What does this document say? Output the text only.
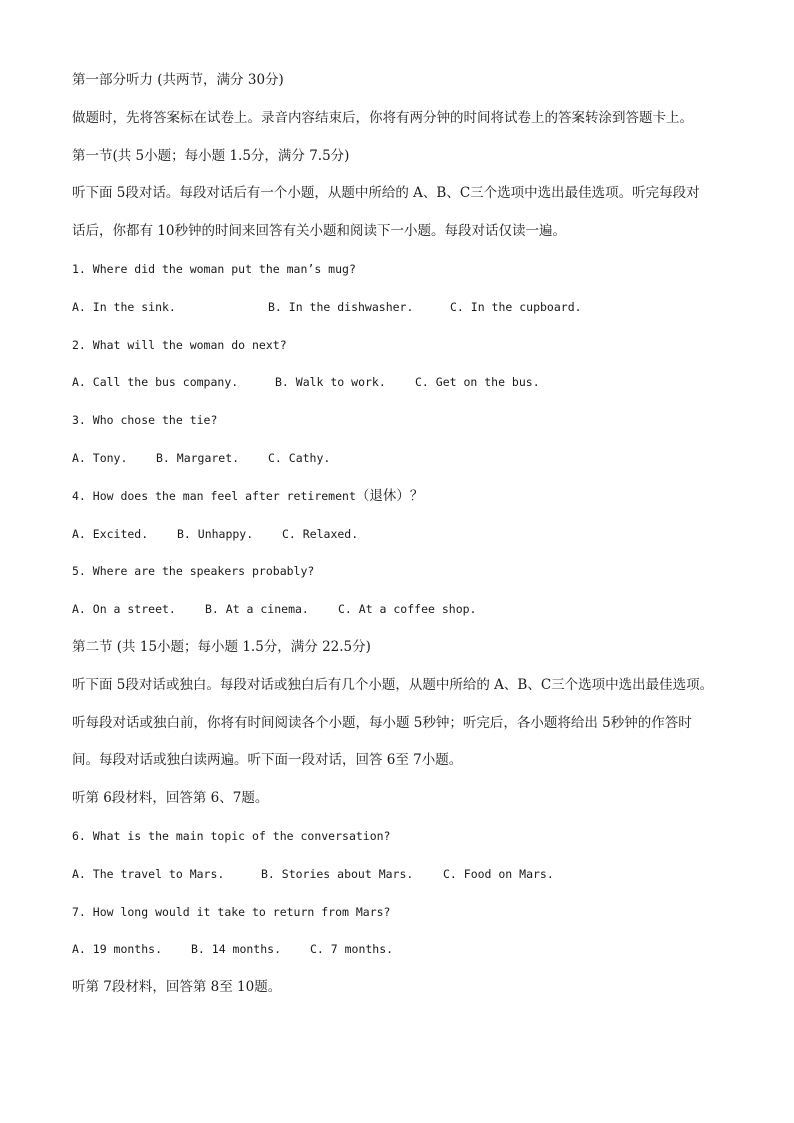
第一部分听力 (共两节，满分 30分)
做题时，先将答案标在试卷上。录音内容结束后，你将有两分钟的时间将试卷上的答案转涂到答题卡上。
第一节(共 5小题；每小题 1.5分，满分 7.5分)
听下面 5段对话。每段对话后有一个小题，从题中所给的 A、B、C三个选项中选出最佳选项。听完每段对
话后，你都有 10秒钟的时间来回答有关小题和阅读下一小题。每段对话仅读一遍。
1. Where did the woman put the man’s mug?
A. In the sink.	B. In the dishwasher.	C. In the cupboard.
2. What will the woman do next?
A. Call the bus company.	B. Walk to work.	C. Get on the bus.
3. Who chose the tie?
A. Tony. B. Margaret.	C. Cathy.
4. How does the man feel after retirement（退休）？
A. Excited.	B. Unhappy.	C. Relaxed.
5. Where are the speakers probably?
A. On a street.	B. At a cinema.	C. At a coffee shop.
第二节 (共 15小题；每小题 1.5分，满分 22.5分)
听下面 5段对话或独白。每段对话或独白后有几个小题，从题中所给的 A、B、C三个选项中选出最佳选项。
听每段对话或独白前，你将有时间阅读各个小题，每小题 5秒钟；听完后，各小题将给出 5秒钟的作答时
间。每段对话或独白读两遍。听下面一段对话，回答 6至 7小题。
听第 6段材料，回答第 6、7题。
6. What is the main topic of the conversation?
A. The travel to Mars.	B. Stories about Mars.	C. Food on Mars.
7. How long would it take to return from Mars?
A. 19 months.	B. 14 months.	C. 7 months.
听第 7段材料，回答第 8至 10题。
